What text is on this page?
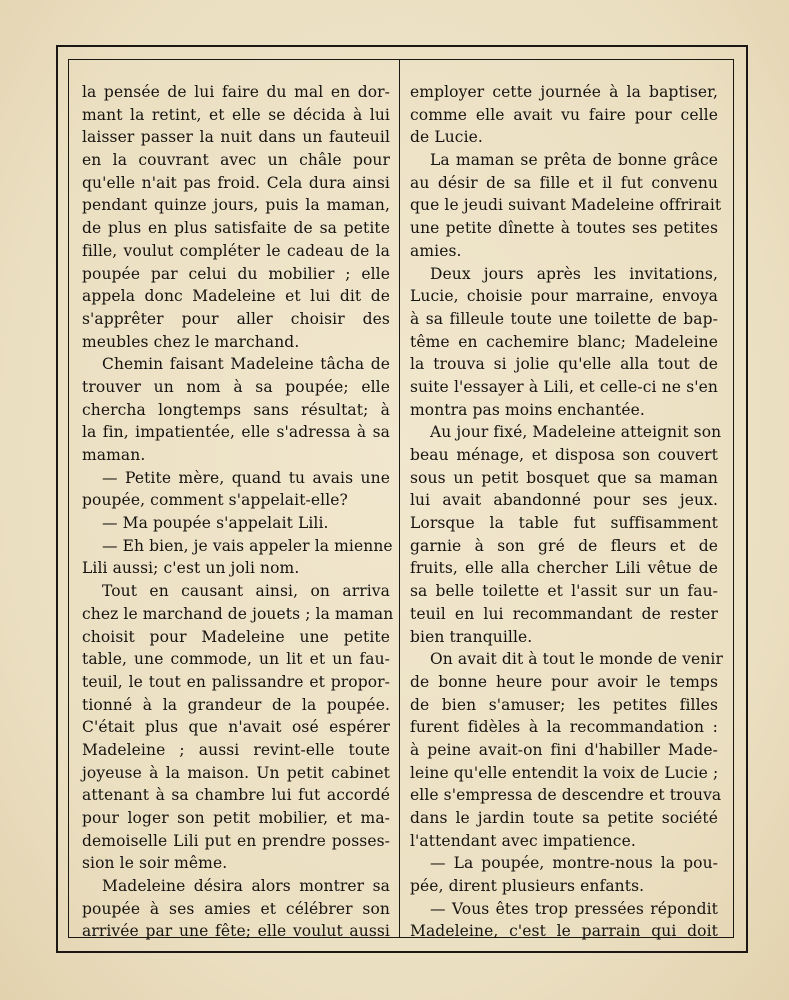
la pensée de lui faire du mal en dor-
mant la retint, et elle se décida à lui
laisser passer la nuit dans un fauteuil
en la couvrant avec un châle pour
qu'elle n'ait pas froid. Cela dura ainsi
pendant quinze jours, puis la maman,
de plus en plus satisfaite de sa petite
fille, voulut compléter le cadeau de la
poupée par celui du mobilier ; elle
appela donc Madeleine et lui dit de
s'apprêter pour aller choisir des
meubles chez le marchand.
Chemin faisant Madeleine tâcha de
trouver un nom à sa poupée; elle
chercha longtemps sans résultat; à
la fin, impatientée, elle s'adressa à sa
maman.
— Petite mère, quand tu avais une
poupée, comment s'appelait-elle?
— Ma poupée s'appelait Lili.
— Eh bien, je vais appeler la mienne
Lili aussi; c'est un joli nom.
Tout en causant ainsi, on arriva
chez le marchand de jouets ; la maman
choisit pour Madeleine une petite
table, une commode, un lit et un fau-
teuil, le tout en palissandre et propor-
tionné à la grandeur de la poupée.
C'était plus que n'avait osé espérer
Madeleine ; aussi revint-elle toute
joyeuse à la maison. Un petit cabinet
attenant à sa chambre lui fut accordé
pour loger son petit mobilier, et ma-
demoiselle Lili put en prendre posses-
sion le soir même.
Madeleine désira alors montrer sa
poupée à ses amies et célébrer son
arrivée par une fête; elle voulut aussi
employer cette journée à la baptiser,
comme elle avait vu faire pour celle
de Lucie.
La maman se prêta de bonne grâce
au désir de sa fille et il fut convenu
que le jeudi suivant Madeleine offrirait
une petite dînette à toutes ses petites
amies.
Deux jours après les invitations,
Lucie, choisie pour marraine, envoya
à sa filleule toute une toilette de bap-
tême en cachemire blanc; Madeleine
la trouva si jolie qu'elle alla tout de
suite l'essayer à Lili, et celle-ci ne s'en
montra pas moins enchantée.
Au jour fixé, Madeleine atteignit son
beau ménage, et disposa son couvert
sous un petit bosquet que sa maman
lui avait abandonné pour ses jeux.
Lorsque la table fut suffisamment
garnie à son gré de fleurs et de
fruits, elle alla chercher Lili vêtue de
sa belle toilette et l'assit sur un fau-
teuil en lui recommandant de rester
bien tranquille.
On avait dit à tout le monde de venir
de bonne heure pour avoir le temps
de bien s'amuser; les petites filles
furent fidèles à la recommandation :
à peine avait-on fini d'habiller Made-
leine qu'elle entendit la voix de Lucie ;
elle s'empressa de descendre et trouva
dans le jardin toute sa petite société
l'attendant avec impatience.
— La poupée, montre-nous la pou-
pée, dirent plusieurs enfants.
— Vous êtes trop pressées répondit
Madeleine, c'est le parrain qui doit
